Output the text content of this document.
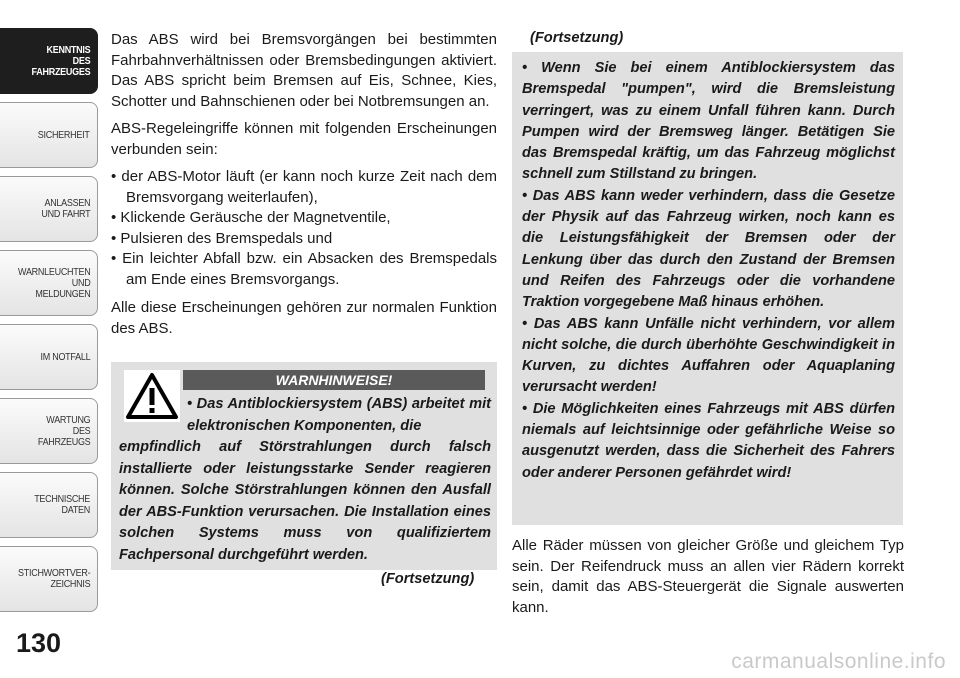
KENNTNIS
DES
FAHRZEUGES
SICHERHEIT
ANLASSEN
UND FAHRT
WARNLEUCHTEN
UND
MELDUNGEN
IM NOTFALL
WARTUNG
DES
FAHRZEUGS
TECHNISCHE
DATEN
STICHWORTVER-
ZEICHNIS
130

Das ABS wird bei Bremsvorgängen bei bestimmten Fahrbahnverhältnissen oder Bremsbedingungen aktiviert. Das ABS spricht beim Bremsen auf Eis, Schnee, Kies, Schotter und Bahnschienen oder bei Notbremsungen an.

ABS-Regeleingriffe können mit folgenden Erscheinungen verbunden sein:

• der ABS-Motor läuft (er kann noch kurze Zeit nach dem Bremsvorgang weiterlaufen),
• Klickende Geräusche der Magnetventile,
• Pulsieren des Bremspedals und
• Ein leichter Abfall bzw. ein Absacken des Bremspedals am Ende eines Bremsvorgangs.

Alle diese Erscheinungen gehören zur normalen Funktion des ABS.

WARNHINWEISE!
• Das Antiblockiersystem (ABS) arbeitet mit elektronischen Komponenten, die
empfindlich auf Störstrahlungen durch falsch installierte oder leistungsstarke Sender reagieren können. Solche Störstrahlungen können den Ausfall der ABS-Funktion verursachen. Die Installation eines solchen Systems muss von qualifiziertem Fachpersonal durchgeführt werden.
(Fortsetzung)
(Fortsetzung)
• Wenn Sie bei einem Antiblockiersystem das Bremspedal "pumpen", wird die Bremsleistung verringert, was zu einem Unfall führen kann. Durch Pumpen wird der Bremsweg länger. Betätigen Sie das Bremspedal kräftig, um das Fahrzeug möglichst schnell zum Stillstand zu bringen.
• Das ABS kann weder verhindern, dass die Gesetze der Physik auf das Fahrzeug wirken, noch kann es die Leistungsfähigkeit der Bremsen oder der Lenkung über das durch den Zustand der Bremsen und Reifen des Fahrzeugs oder die vorhandene Traktion vorgegebene Maß hinaus erhöhen.
• Das ABS kann Unfälle nicht verhindern, vor allem nicht solche, die durch überhöhte Geschwindigkeit in Kurven, zu dichtes Auffahren oder Aquaplaning verursacht werden!
• Die Möglichkeiten eines Fahrzeugs mit ABS dürfen niemals auf leichtsinnige oder gefährliche Weise so ausgenutzt werden, dass die Sicherheit des Fahrers oder anderer Personen gefährdet wird!

Alle Räder müssen von gleicher Größe und gleichem Typ sein. Der Reifendruck muss an allen vier Rädern korrekt sein, damit das ABS-Steuergerät die Signale auswerten kann.

carmanualsonline.info
